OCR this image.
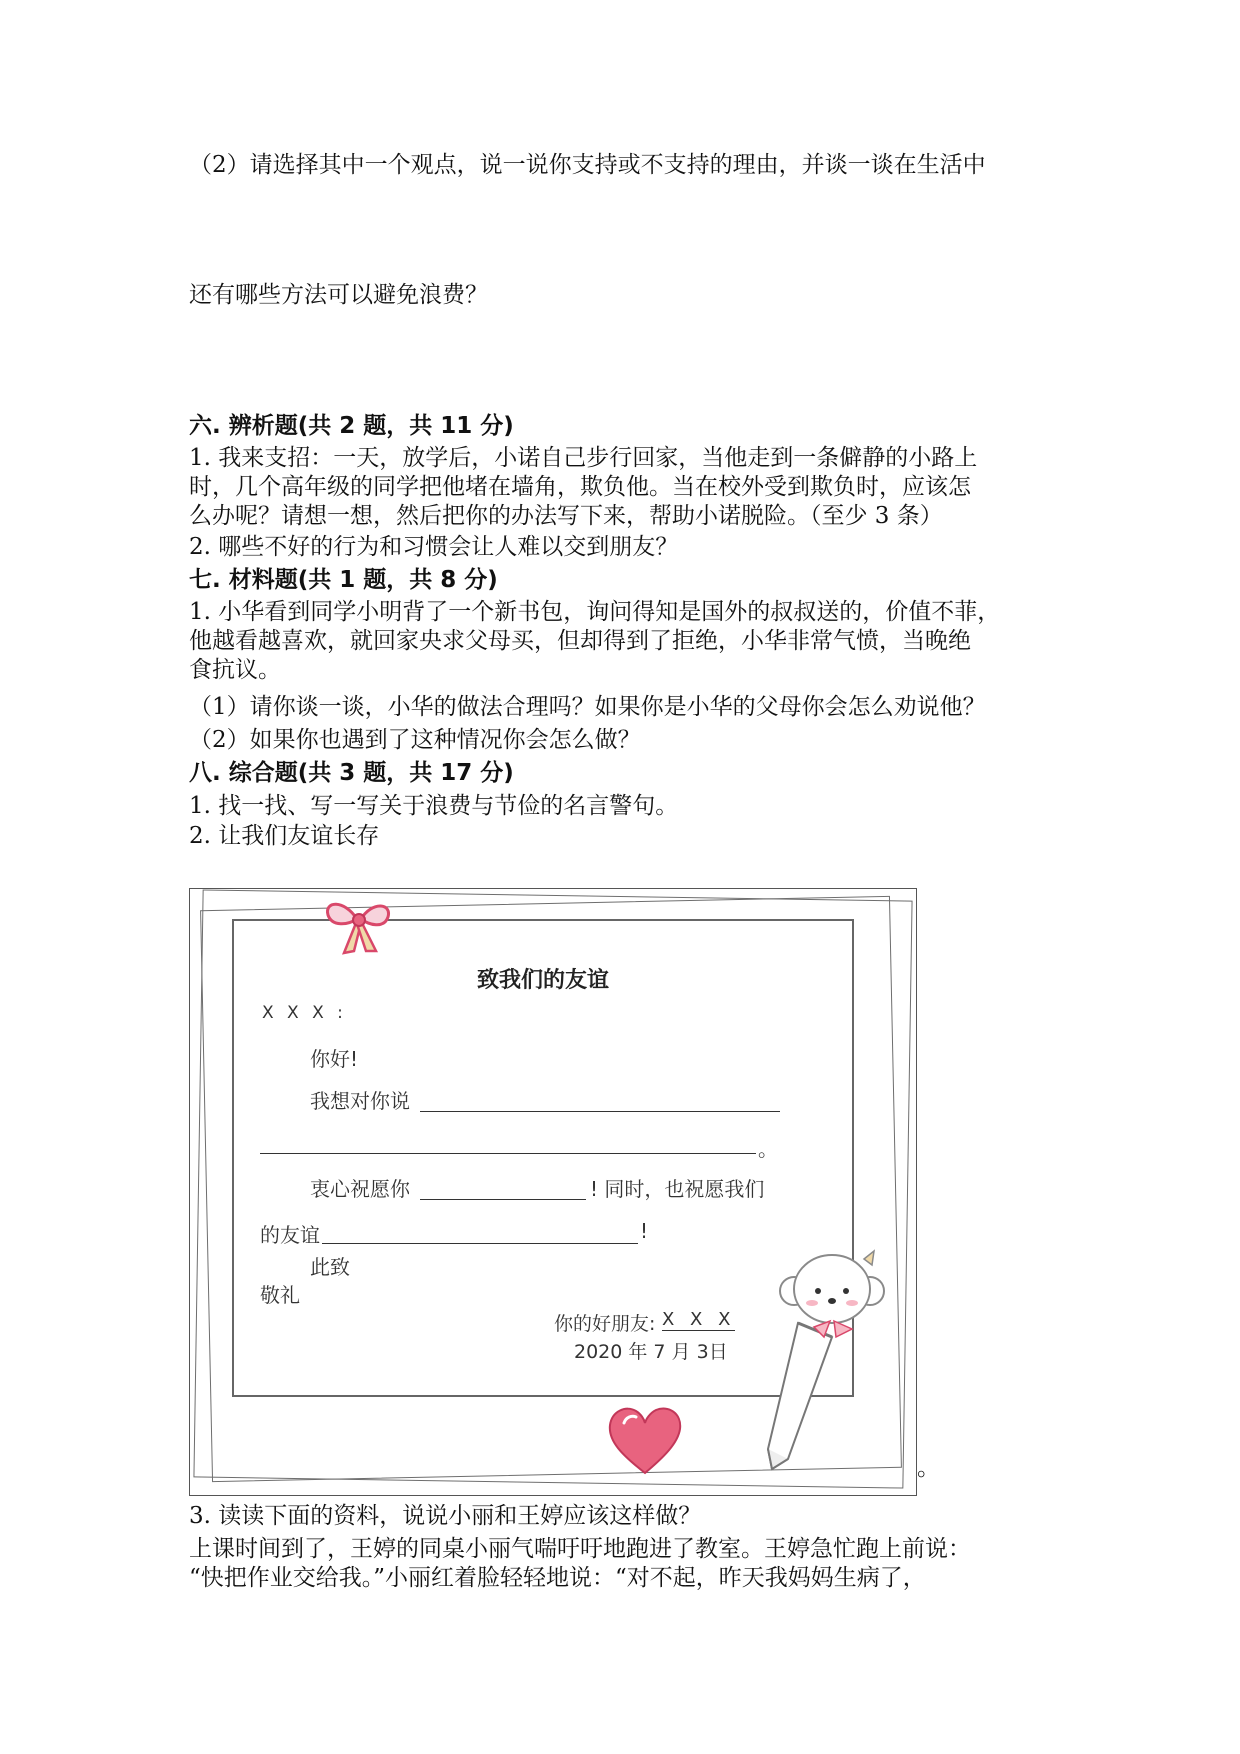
（2）请选择其中一个观点，说一说你支持或不支持的理由，并谈一谈在生活中
还有哪些方法可以避免浪费？
六. 辨析题(共 2 题，共 11 分)
1. 我来支招：一天，放学后，小诺自己步行回家，当他走到一条僻静的小路上
时，几个高年级的同学把他堵在墙角，欺负他。当在校外受到欺负时，应该怎
么办呢？请想一想，然后把你的办法写下来，帮助小诺脱险。（至少 3 条）
2. 哪些不好的行为和习惯会让人难以交到朋友？
七. 材料题(共 1 题，共 8 分)
1. 小华看到同学小明背了一个新书包，询问得知是国外的叔叔送的，价值不菲，
他越看越喜欢，就回家央求父母买，但却得到了拒绝，小华非常气愤，当晚绝
食抗议。
（1）请你谈一谈，小华的做法合理吗？如果你是小华的父母你会怎么劝说他？
（2）如果你也遇到了这种情况你会怎么做？
八. 综合题(共 3 题，共 17 分)
1. 找一找、写一写关于浪费与节俭的名言警句。
2. 让我们友谊长存
致我们的友谊
X X X :
你好!
我想对你说
。
衷心祝愿你	! 同时，也祝愿我们
的友谊	!
此致
敬礼
你的好朋友: X X X
2020 年 7 月 3日
。
3. 读读下面的资料，说说小丽和王婷应该这样做？
上课时间到了，王婷的同桌小丽气喘吁吁地跑进了教室。王婷急忙跑上前说：
“快把作业交给我。”小丽红着脸轻轻地说：“对不起，昨天我妈妈生病了，
